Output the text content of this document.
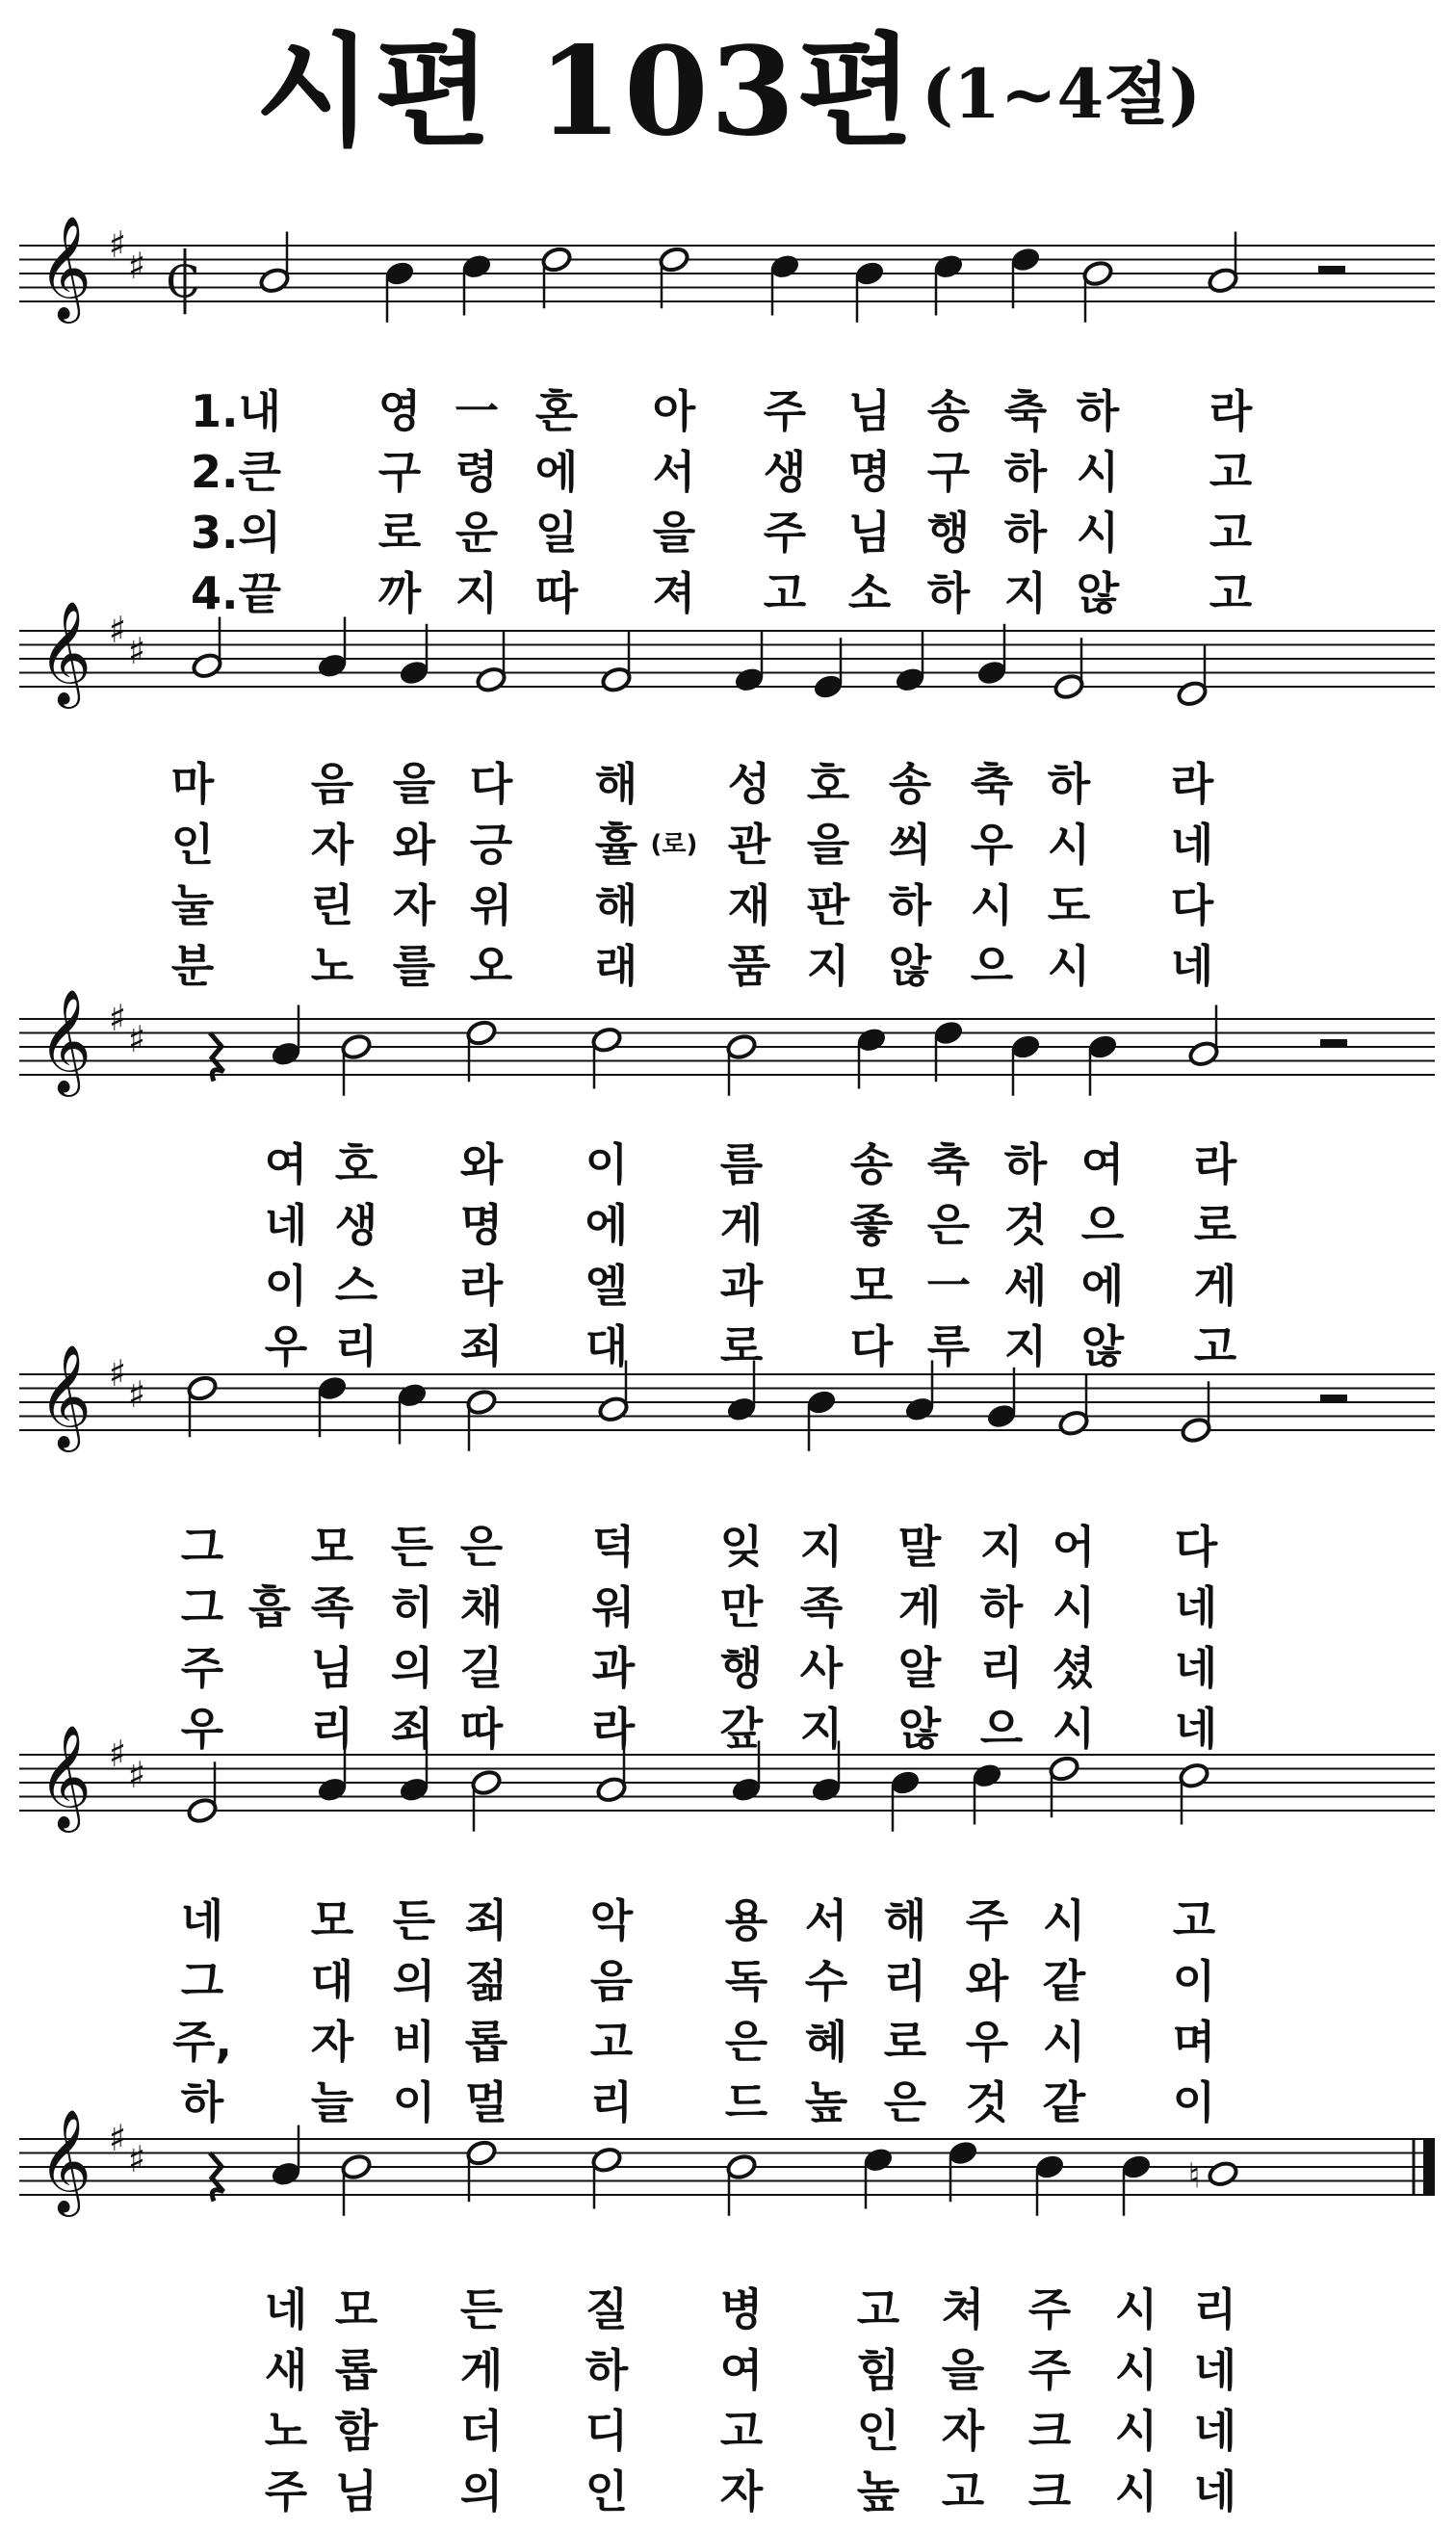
시편 103편 (1~4절)
𝄞 ♯ ♯ C
𝄞 ♯ ♯
𝄞 ♯ ♯
𝄞 ♯ ♯
𝄞 ♯ ♯
𝄞 ♯ ♯	♮
1.내 영 一 혼 아 주 님 송 축 하 라
2.큰 구 령 에 서 생 명 구 하 시 고
3.의 로 운 일 을 주 님 행 하 시 고
4.끝 까 지 따 져 고 소 하 지 않 고
마 음 을 다 해 성 호 송 축 하 라
인 자 와 긍 휼 관 을 씌 우 시 네
눌 린 자 위 해 재 판 하 시 도 다
분 노 를 오 래 품 지 않 으 시 네
(로)
여 호 와 이 름 송 축 하 여 라
네 생 명 에 게 좋 은 것 으 로
이 스 라 엘 과 모 一 세 에 게
우 리 죄 대 로 다 루 지 않 고
그 모 든 은 덕 잊 지 말 지 어 다
그 흡 족 히 채 워 만 족 게 하 시 네
주 님 의 길 과 행 사 알 리 셨 네
우 리 죄 따 라 갚 지 않 으 시 네
네 모 든 죄 악 용 서 해 주 시 고
그 대 의 젊 음 독 수 리 와 같 이
주, 자 비 롭 고 은 혜 로 우 시 며
하 늘 이 멀 리 드 높 은 것 같 이
네 모 든 질 병 고 쳐 주 시 리
새 롭 게 하 여 힘 을 주 시 네
노 함 더 디 고 인 자 크 시 네
주 님 의 인 자 높 고 크 시 네
